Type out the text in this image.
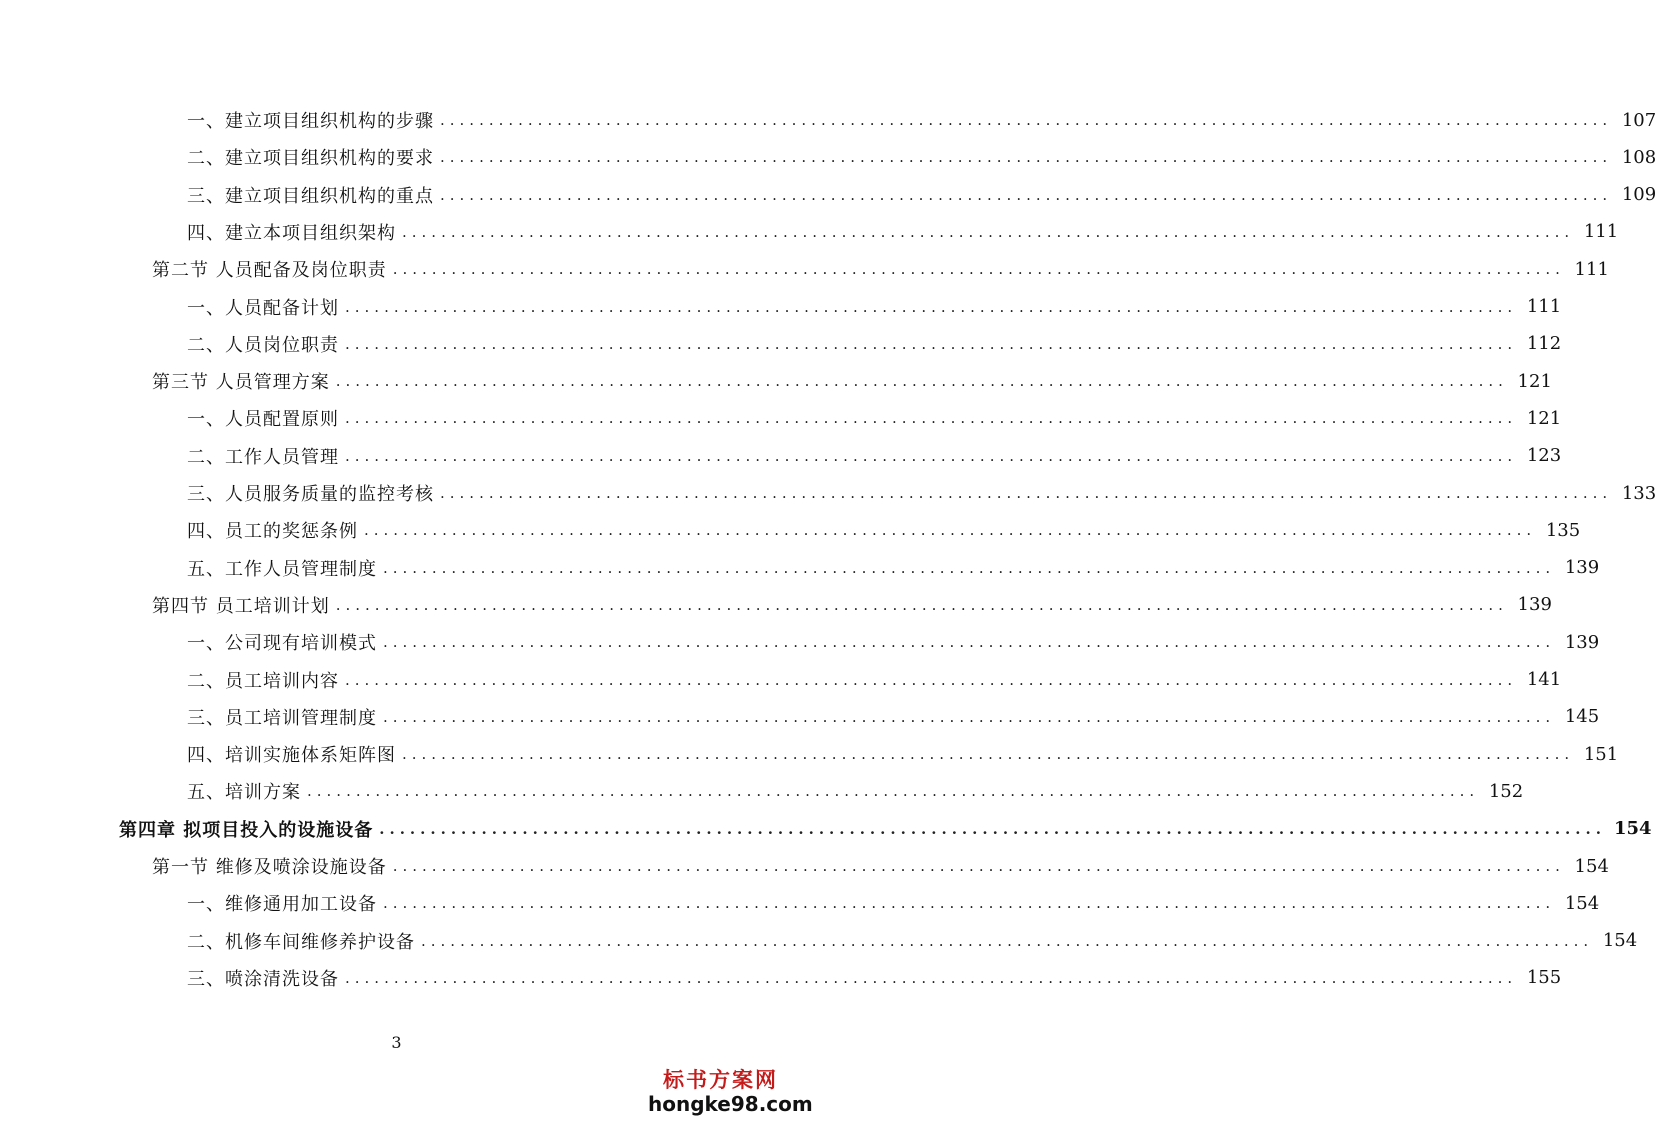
一、建立项目组织机构的步骤 ........................................................................................................................ 107
二、建立项目组织机构的要求 ........................................................................................................................ 108
三、建立项目组织机构的重点 ........................................................................................................................ 109
四、建立本项目组织架构 ........................................................................................................................ 111
第二节 人员配备及岗位职责 ........................................................................................................................ 111
一、人员配备计划 ........................................................................................................................ 111
二、人员岗位职责 ........................................................................................................................ 112
第三节 人员管理方案 ........................................................................................................................ 121
一、人员配置原则 ........................................................................................................................ 121
二、工作人员管理 ........................................................................................................................ 123
三、人员服务质量的监控考核 ........................................................................................................................ 133
四、员工的奖惩条例 ........................................................................................................................ 135
五、工作人员管理制度 ........................................................................................................................ 139
第四节 员工培训计划 ........................................................................................................................ 139
一、公司现有培训模式 ........................................................................................................................ 139
二、员工培训内容 ........................................................................................................................ 141
三、员工培训管理制度 ........................................................................................................................ 145
四、培训实施体系矩阵图 ........................................................................................................................ 151
五、培训方案 ........................................................................................................................ 152
第四章 拟项目投入的设施设备 ........................................................................................................................ 154
第一节 维修及喷涂设施设备 ........................................................................................................................ 154
一、维修通用加工设备 ........................................................................................................................ 154
二、机修车间维修养护设备 ........................................................................................................................ 154
三、喷涂清洗设备 ........................................................................................................................ 155
3
标书方案网
hongke98.com
